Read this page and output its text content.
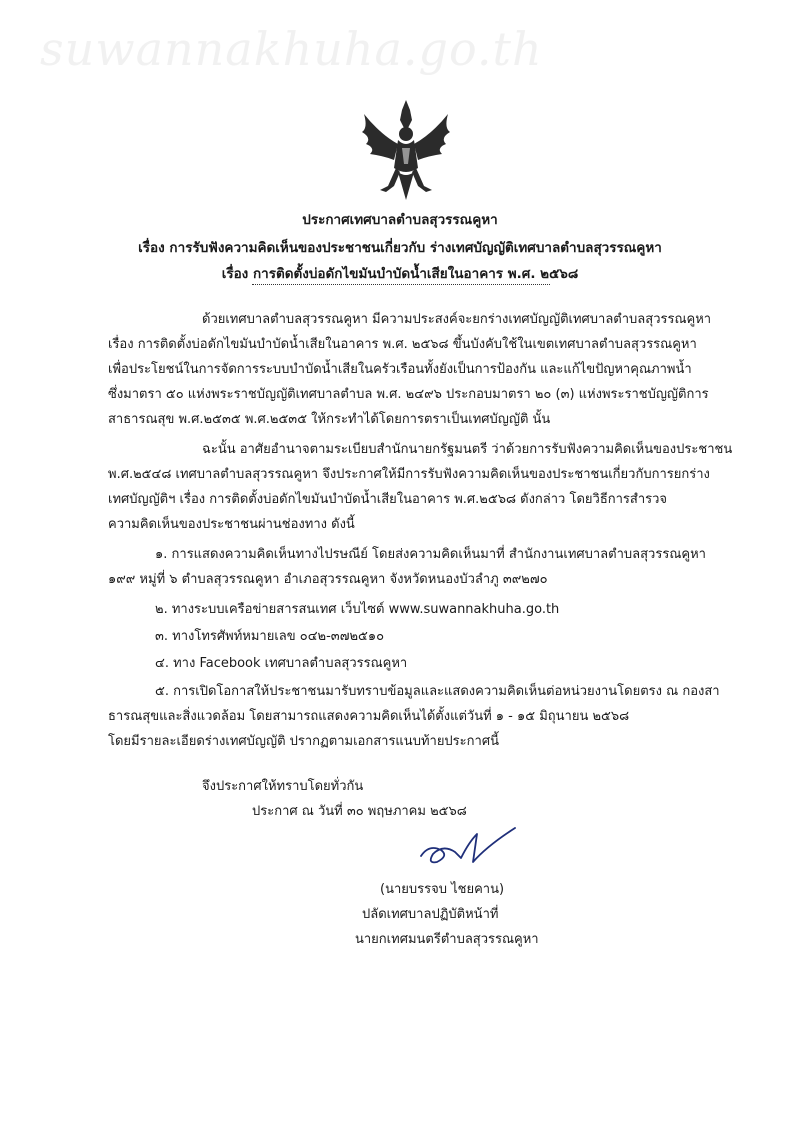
suwannakhuha.go.th
ประกาศเทศบาลตำบลสุวรรณคูหา
เรื่อง การรับฟังความคิดเห็นของประชาชนเกี่ยวกับ ร่างเทศบัญญัติเทศบาลตำบลสุวรรณคูหา
เรื่อง การติดตั้งบ่อดักไขมันบำบัดน้ำเสียในอาคาร พ.ศ. ๒๕๖๘
ด้วยเทศบาลตำบลสุวรรณคูหา มีความประสงค์จะยกร่างเทศบัญญัติเทศบาลตำบลสุวรรณคูหา
เรื่อง การติดตั้งบ่อดักไขมันบำบัดน้ำเสียในอาคาร พ.ศ. ๒๕๖๘ ขึ้นบังคับใช้ในเขตเทศบาลตำบลสุวรรณคูหา
เพื่อประโยชน์ในการจัดการระบบบำบัดน้ำเสียในครัวเรือนทั้งยังเป็นการป้องกัน และแก้ไขปัญหาคุณภาพน้ำ
ซึ่งมาตรา ๕๐ แห่งพระราชบัญญัติเทศบาลตำบล พ.ศ. ๒๔๙๖ ประกอบมาตรา ๒๐ (๓) แห่งพระราชบัญญัติการ
สาธารณสุข พ.ศ.๒๕๓๕ พ.ศ.๒๕๓๕ ให้กระทำได้โดยการตราเป็นเทศบัญญัติ นั้น
ฉะนั้น อาศัยอำนาจตามระเบียบสำนักนายกรัฐมนตรี ว่าด้วยการรับฟังความคิดเห็นของประชาชน
พ.ศ.๒๕๔๘ เทศบาลตำบลสุวรรณคูหา จึงประกาศให้มีการรับฟังความคิดเห็นของประชาชนเกี่ยวกับการยกร่าง
เทศบัญญัติฯ เรื่อง การติดตั้งบ่อดักไขมันบำบัดน้ำเสียในอาคาร พ.ศ.๒๕๖๘ ดังกล่าว โดยวิธีการสำรวจ
ความคิดเห็นของประชาชนผ่านช่องทาง ดังนี้
๑. การแสดงความคิดเห็นทางไปรษณีย์ โดยส่งความคิดเห็นมาที่ สำนักงานเทศบาลตำบลสุวรรณคูหา
๑๙๙ หมู่ที่ ๖ ตำบลสุวรรณคูหา อำเภอสุวรรณคูหา จังหวัดหนองบัวลำภู ๓๙๒๗๐
๒. ทางระบบเครือข่ายสารสนเทศ เว็บไซต์ www.suwannakhuha.go.th
๓. ทางโทรศัพท์หมายเลข ๐๔๒-๓๗๒๕๑๐
๔. ทาง Facebook เทศบาลตำบลสุวรรณคูหา
๕. การเปิดโอกาสให้ประชาชนมารับทราบข้อมูลและแสดงความคิดเห็นต่อหน่วยงานโดยตรง ณ กองสา
ธารณสุขและสิ่งแวดล้อม โดยสามารถแสดงความคิดเห็นได้ตั้งแต่วันที่ ๑ - ๑๕ มิถุนายน ๒๕๖๘
โดยมีรายละเอียดร่างเทศบัญญัติ ปรากฏตามเอกสารแนบท้ายประกาศนี้
จึงประกาศให้ทราบโดยทั่วกัน
ประกาศ ณ วันที่ ๓๐ พฤษภาคม ๒๕๖๘
(นายบรรจบ ไชยคาน)
ปลัดเทศบาลปฏิบัติหน้าที่
นายกเทศมนตรีตำบลสุวรรณคูหา
